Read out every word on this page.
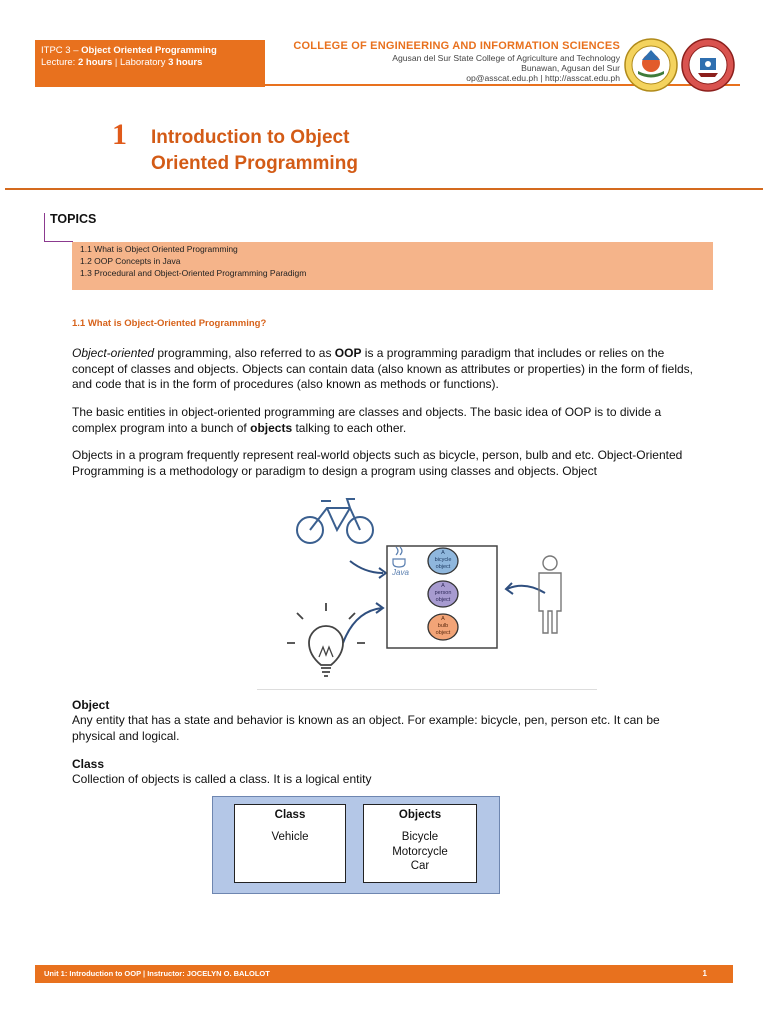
ITPC 3 – Object Oriented Programming
Lecture: 2 hours | Laboratory 3 hours
COLLEGE OF ENGINEERING AND INFORMATION SCIENCES
Agusan del Sur State College of Agriculture and Technology
Bunawan, Agusan del Sur
op@asscat.edu.ph | http://asscat.edu.ph
1 Introduction to Object
Oriented Programming
TOPICS
1.1 What is Object Oriented Programming
1.2 OOP Concepts in Java
1.3 Procedural and Object-Oriented Programming Paradigm
1.1 What is Object-Oriented Programming?
Object-oriented programming, also referred to as OOP is a programming paradigm that includes or relies on the concept of classes and objects. Objects can contain data (also known as attributes or properties) in the form of fields, and code that is in the form of procedures (also known as methods or functions).
The basic entities in object-oriented programming are classes and objects. The basic idea of OOP is to divide a complex program into a bunch of objects talking to each other.
Objects in a program frequently represent real-world objects such as bicycle, person, bulb and etc. Object-Oriented Programming is a methodology or paradigm to design a program using classes and objects. Object
Java
A
bicycle
object
A
person
object
A
bulb
object
Object
Any entity that has a state and behavior is known as an object. For example: bicycle, pen, person etc. It can be physical and logical.
Class
Collection of objects is called a class. It is a logical entity
Class
Vehicle
Objects
Bicycle
Motorcycle
Car
Unit 1: Introduction to OOP | Instructor: JOCELYN O. BALOLOT	1
